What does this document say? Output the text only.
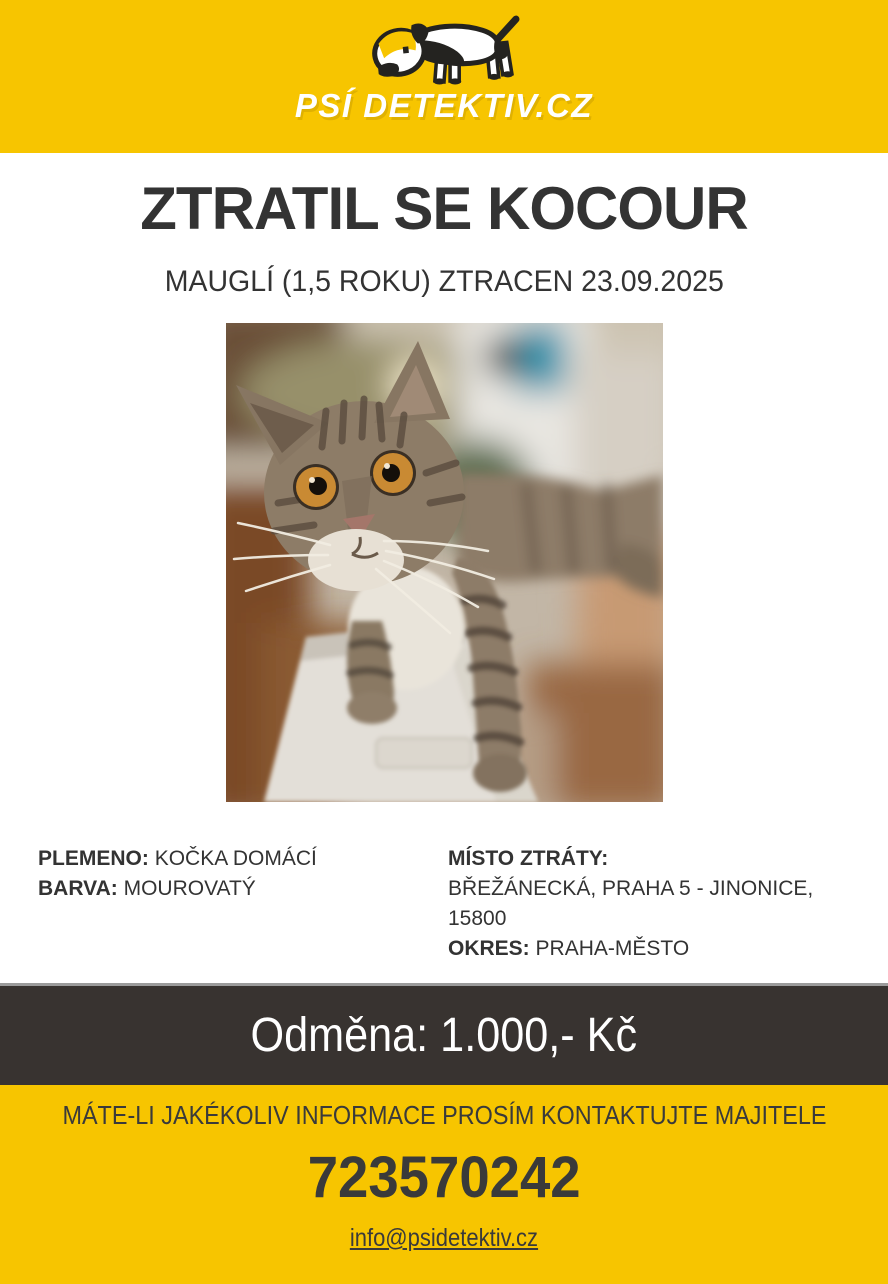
PSÍ DETEKTIV.CZ
ZTRATIL SE KOCOUR
MAUGLÍ (1,5 ROKU) ZTRACEN 23.09.2025
PLEMENO: KOČKA DOMÁCÍ
BARVA: MOUROVATÝ
MÍSTO ZTRÁTY:
BŘEŽÁNECKÁ, PRAHA 5 - JINONICE, 15800
OKRES: PRAHA-MĚSTO
Odměna: 1.000,- Kč
MÁTE-LI JAKÉKOLIV INFORMACE PROSÍM KONTAKTUJTE MAJITELE
723570242
info@psidetektiv.cz
